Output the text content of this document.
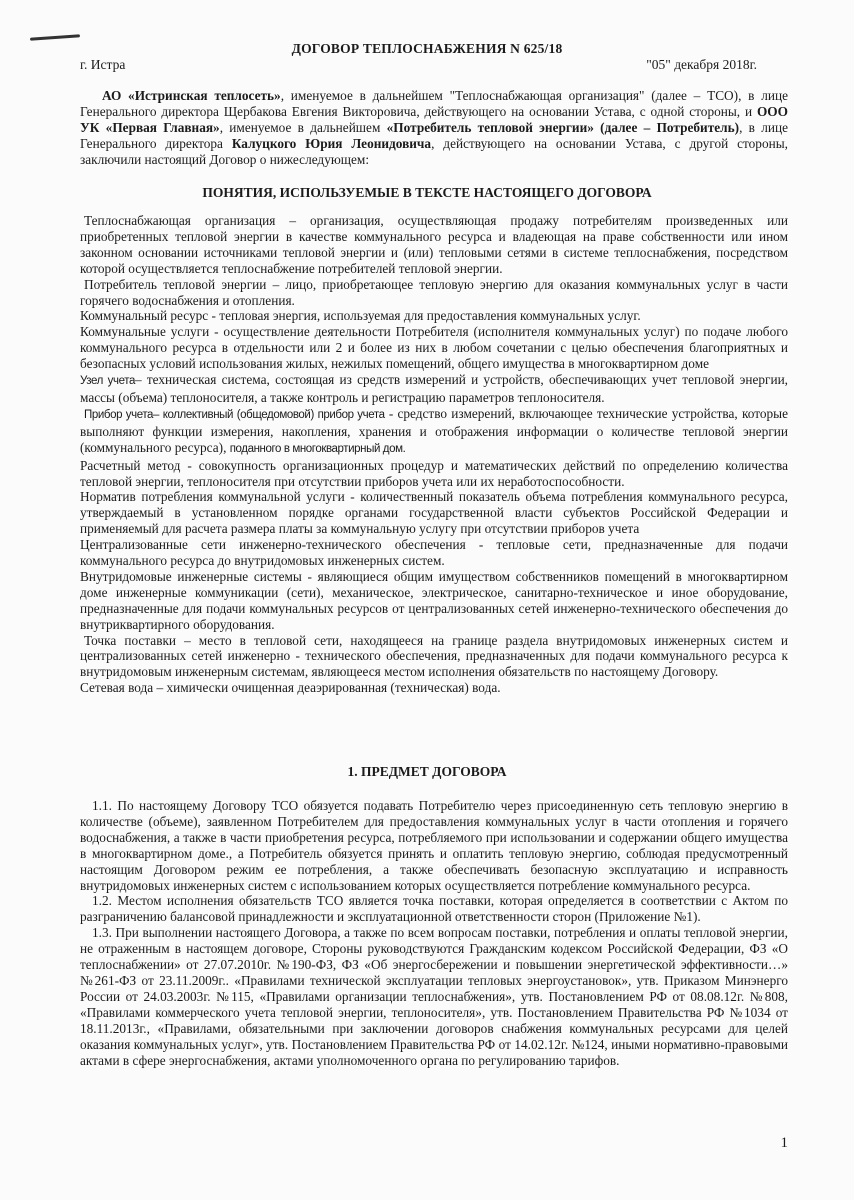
ДОГОВОР ТЕПЛОСНАБЖЕНИЯ N 625/18
г. Истра	"05" декабря 2018г.

АО «Истринская теплосеть», именуемое в дальнейшем "Теплоснабжающая организация" (далее – ТСО), в лице Генерального директора Щербакова Евгения Викторовича, действующего на основании Устава, с одной стороны, и ООО УК «Первая Главная», именуемое в дальнейшем «Потребитель тепловой энергии» (далее – Потребитель), в лице Генерального директора Калуцкого Юрия Леонидовича, действующего на основании Устава, с другой стороны, заключили настоящий Договор о нижеследующем:

ПОНЯТИЯ, ИСПОЛЬЗУЕМЫЕ В ТЕКСТЕ НАСТОЯЩЕГО ДОГОВОРА

Теплоснабжающая организация – организация, осуществляющая продажу потребителям произведенных или приобретенных тепловой энергии в качестве коммунального ресурса и владеющая на праве собственности или ином законном основании источниками тепловой энергии и (или) тепловыми сетями в системе теплоснабжения, посредством которой осуществляется теплоснабжение потребителей тепловой энергии.

Потребитель тепловой энергии – лицо, приобретающее тепловую энергию для оказания коммунальных услуг в части горячего водоснабжения и отопления.

Коммунальный ресурс - тепловая энергия, используемая для предоставления коммунальных услуг.

Коммунальные услуги - осуществление деятельности Потребителя (исполнителя коммунальных услуг) по подаче любого коммунального ресурса в отдельности или 2 и более из них в любом сочетании с целью обеспечения благоприятных и безопасных условий использования жилых, нежилых помещений, общего имущества в многоквартирном доме

Узел учета– техническая система, состоящая из средств измерений и устройств, обеспечивающих учет тепловой энергии, массы (объема) теплоносителя, а также контроль и регистрацию параметров теплоносителя.

Прибор учета– коллективный (общедомовой) прибор учета - средство измерений, включающее технические устройства, которые выполняют функции измерения, накопления, хранения и отображения информации о количестве тепловой энергии (коммунального ресурса), поданного в многоквартирный дом.

Расчетный метод - совокупность организационных процедур и математических действий по определению количества тепловой энергии, теплоносителя при отсутствии приборов учета или их неработоспособности.

Норматив потребления коммунальной услуги - количественный показатель объема потребления коммунального ресурса, утверждаемый в установленном порядке органами государственной власти субъектов Российской Федерации и применяемый для расчета размера платы за коммунальную услугу при отсутствии приборов учета

Централизованные сети инженерно-технического обеспечения - тепловые сети, предназначенные для подачи коммунального ресурса до внутридомовых инженерных систем.

Внутридомовые инженерные системы - являющиеся общим имуществом собственников помещений в многоквартирном доме инженерные коммуникации (сети), механическое, электрическое, санитарно-техническое и иное оборудование, предназначенные для подачи коммунальных ресурсов от централизованных сетей инженерно-технического обеспечения до внутриквартирного оборудования.

Точка поставки – место в тепловой сети, находящееся на границе раздела внутридомовых инженерных систем и централизованных сетей инженерно - технического обеспечения, предназначенных для подачи коммунального ресурса к внутридомовым инженерным системам, являющееся местом исполнения обязательств по настоящему Договору.

Сетевая вода – химически очищенная деаэрированная (техническая) вода.

1. ПРЕДМЕТ ДОГОВОРА

1.1. По настоящему Договору ТСО обязуется подавать Потребителю через присоединенную сеть тепловую энергию в количестве (объеме), заявленном Потребителем для предоставления коммунальных услуг в части отопления и горячего водоснабжения, а также в части приобретения ресурса, потребляемого при использовании и содержании общего имущества в многоквартирном доме., а Потребитель обязуется принять и оплатить тепловую энергию, соблюдая предусмотренный настоящим Договором режим ее потребления, а также обеспечивать безопасную эксплуатацию и исправность внутридомовых инженерных систем с использованием которых осуществляется потребление коммунального ресурса.

1.2. Местом исполнения обязательств ТСО является точка поставки, которая определяется в соответствии с Актом по разграничению балансовой принадлежности и эксплуатационной ответственности сторон (Приложение №1).

1.3. При выполнении настоящего Договора, а также по всем вопросам поставки, потребления и оплаты тепловой энергии, не отраженным в настоящем договоре, Стороны руководствуются Гражданским кодексом Российской Федерации, ФЗ «О теплоснабжении» от 27.07.2010г. №190-ФЗ, ФЗ «Об энергосбережении и повышении энергетической эффективности…» №261-ФЗ от 23.11.2009г.. «Правилами технической эксплуатации тепловых энергоустановок», утв. Приказом Минэнерго России от 24.03.2003г. №115, «Правилами организации теплоснабжения», утв. Постановлением РФ от 08.08.12г. №808, «Правилами коммерческого учета тепловой энергии, теплоносителя», утв. Постановлением Правительства РФ №1034 от 18.11.2013г., «Правилами, обязательными при заключении договоров снабжения коммунальных ресурсами для целей оказания коммунальных услуг», утв. Постановлением Правительства РФ от 14.02.12г. №124, иными нормативно-правовыми актами в сфере энергоснабжения, актами уполномоченного органа по регулированию тарифов.

1
